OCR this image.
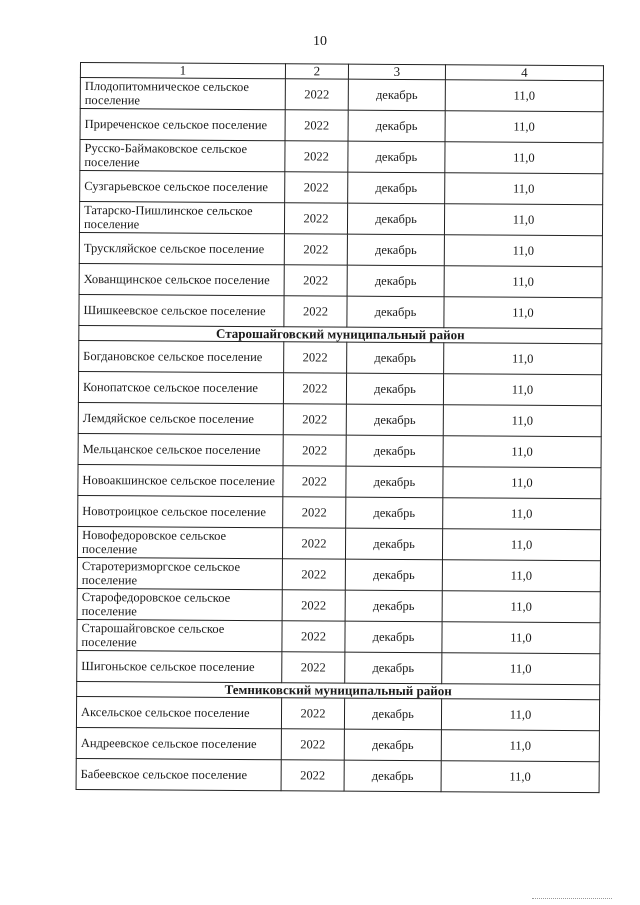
10
1	2	3	4
Плодопитомническое сельское поселение	2022	декабрь	11,0
Приреченское сельское поселение	2022	декабрь	11,0
Русско-Баймаковское сельское поселение	2022	декабрь	11,0
Сузгарьевское сельское поселение	2022	декабрь	11,0
Татарско-Пишлинское сельское поселение	2022	декабрь	11,0
Трускляйское сельское поселение	2022	декабрь	11,0
Хованщинское сельское поселение	2022	декабрь	11,0
Шишкеевское сельское поселение	2022	декабрь	11,0
Старошайговский муниципальный район			
Богдановское сельское поселение	2022	декабрь	11,0
Конопатское сельское поселение	2022	декабрь	11,0
Лемдяйское сельское поселение	2022	декабрь	11,0
Мельцанское сельское поселение	2022	декабрь	11,0
Новоакшинское сельское поселение	2022	декабрь	11,0
Новотроицкое сельское поселение	2022	декабрь	11,0
Новофедоровское сельское поселение	2022	декабрь	11,0
Старотеризморгское сельское поселение	2022	декабрь	11,0
Старофедоровское сельское поселение	2022	декабрь	11,0
Старошайговское сельское поселение	2022	декабрь	11,0
Шигоньское сельское поселение	2022	декабрь	11,0
Темниковский муниципальный район			
Аксельское сельское поселение	2022	декабрь	11,0
Андреевское сельское поселение	2022	декабрь	11,0
Бабеевское сельское поселение	2022	декабрь	11,0
